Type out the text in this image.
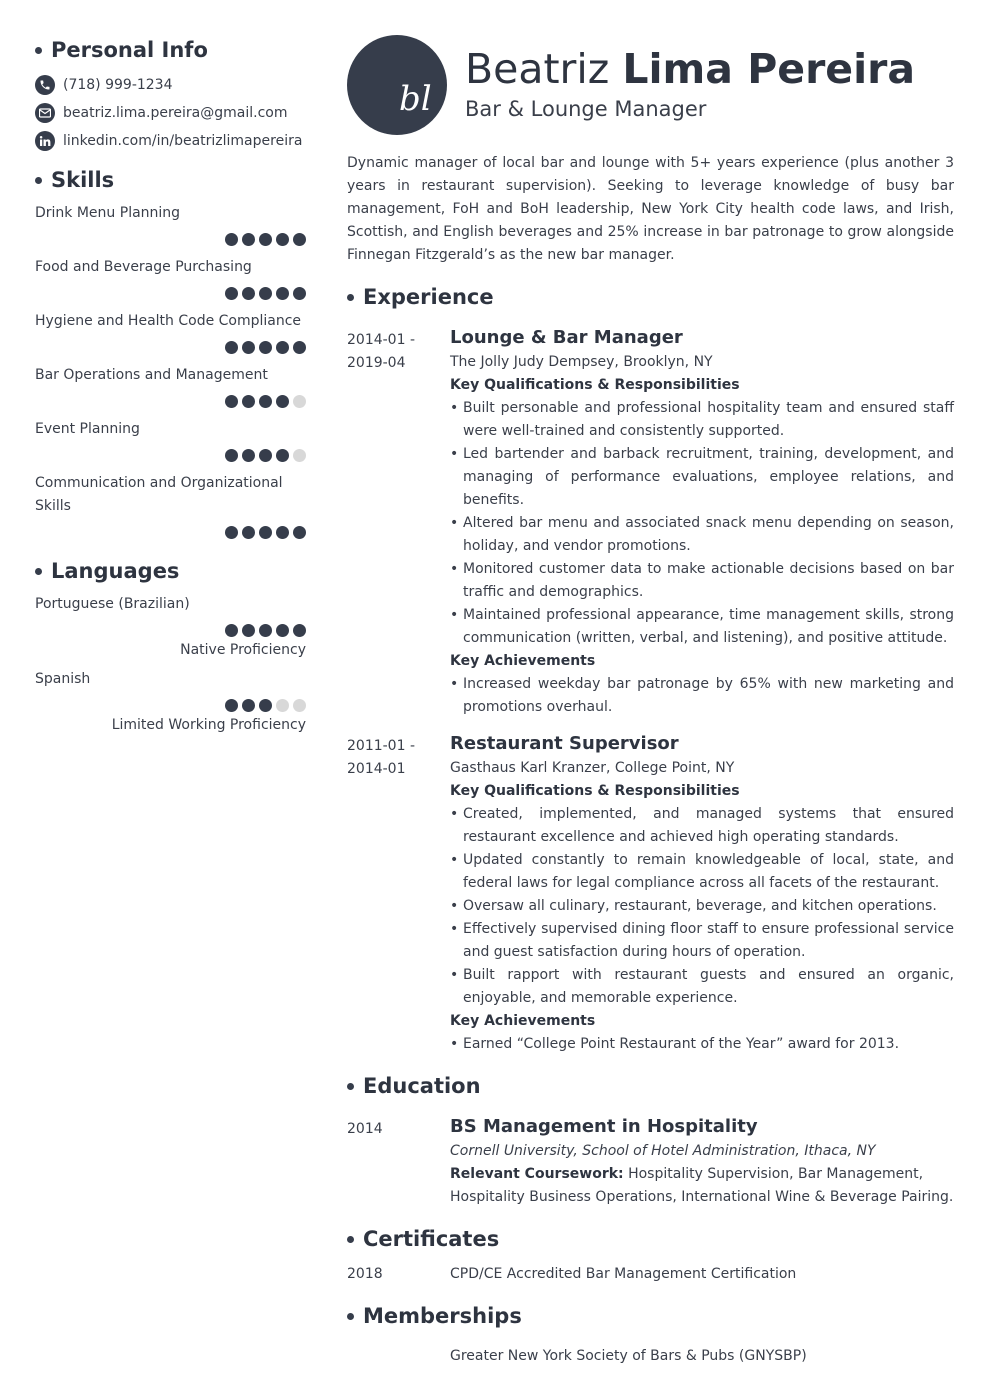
Personal Info
(718) 999-1234
beatriz.lima.pereira@gmail.com
linkedin.com/in/beatrizlimapereira
Skills
Drink Menu Planning
Food and Beverage Purchasing
Hygiene and Health Code Compliance
Bar Operations and Management
Event Planning
Communication and Organizational Skills
Languages
Portuguese (Brazilian)
Native Proficiency
Spanish
Limited Working Proficiency
bl
Beatriz Lima Pereira
Bar & Lounge Manager

Dynamic manager of local bar and lounge with 5+ years experience (plus another 3 years in restaurant supervision). Seeking to leverage knowledge of busy bar management, FoH and BoH leadership, New York City health code laws, and Irish, Scottish, and English beverages and 25% increase in bar patronage to grow alongside Finnegan Fitzgerald’s as the new bar manager.

Experience
2014-01 -
2019-04
Lounge & Bar Manager
The Jolly Judy Dempsey, Brooklyn, NY
Key Qualifications & Responsibilities
• Built personable and professional hospitality team and ensured staff were well-trained and consistently supported.
• Led bartender and barback recruitment, training, development, and managing of performance evaluations, employee relations, and benefits.
• Altered bar menu and associated snack menu depending on season, holiday, and vendor promotions.
• Monitored customer data to make actionable decisions based on bar traffic and demographics.
• Maintained professional appearance, time management skills, strong communication (written, verbal, and listening), and positive attitude.
Key Achievements
• Increased weekday bar patronage by 65% with new marketing and promotions overhaul.
2011-01 -
2014-01
Restaurant Supervisor
Gasthaus Karl Kranzer, College Point, NY
Key Qualifications & Responsibilities
• Created, implemented, and managed systems that ensured restaurant excellence and achieved high operating standards.
• Updated constantly to remain knowledgeable of local, state, and federal laws for legal compliance across all facets of the restaurant.
• Oversaw all culinary, restaurant, beverage, and kitchen operations.
• Effectively supervised dining floor staff to ensure professional service and guest satisfaction during hours of operation.
• Built rapport with restaurant guests and ensured an organic, enjoyable, and memorable experience.
Key Achievements
• Earned “College Point Restaurant of the Year” award for 2013.
Education
2014	BS Management in Hospitality
Cornell University, School of Hotel Administration, Ithaca, NY
Relevant Coursework: Hospitality Supervision, Bar Management, Hospitality Business Operations, International Wine & Beverage Pairing.
Certificates
2018	CPD/CE Accredited Bar Management Certification
Memberships
Greater New York Society of Bars & Pubs (GNYSBP)
